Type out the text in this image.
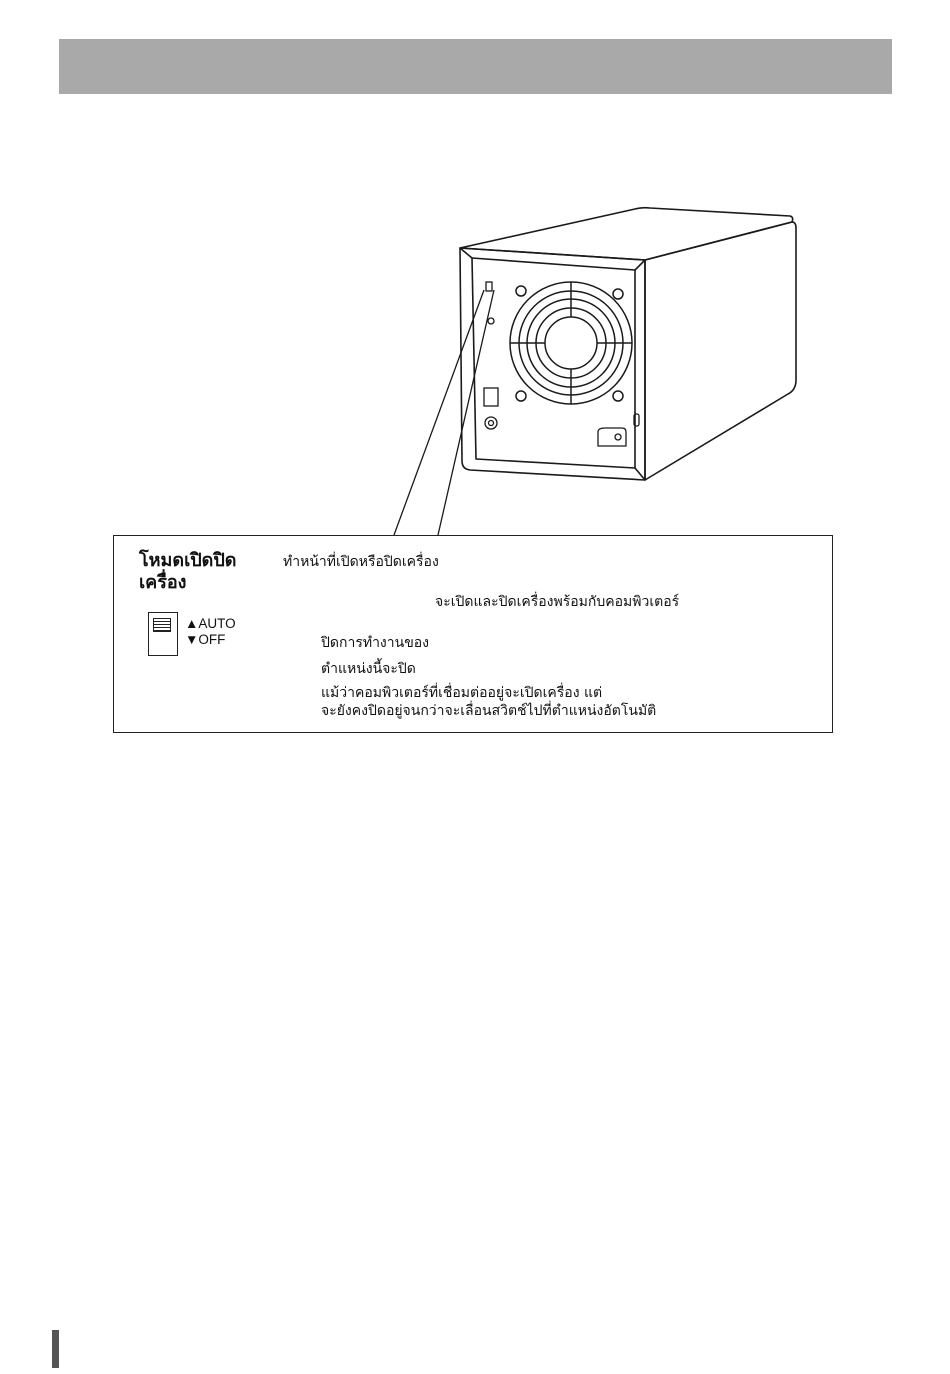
โหมดเปิดปิดเครื่อง
▲AUTO
▼OFF
ทำหน้าที่เปิดหรือปิดเครื่อง
จะเปิดและปิดเครื่องพร้อมกับคอมพิวเตอร์
ปิดการทำงานของ
ตำแหน่งนี้จะปิด
แม้ว่าคอมพิวเตอร์ที่เชื่อมต่ออยู่จะเปิดเครื่อง แต่
จะยังคงปิดอยู่จนกว่าจะเลื่อนสวิตช์ไปที่ตำแหน่งอัตโนมัติ
